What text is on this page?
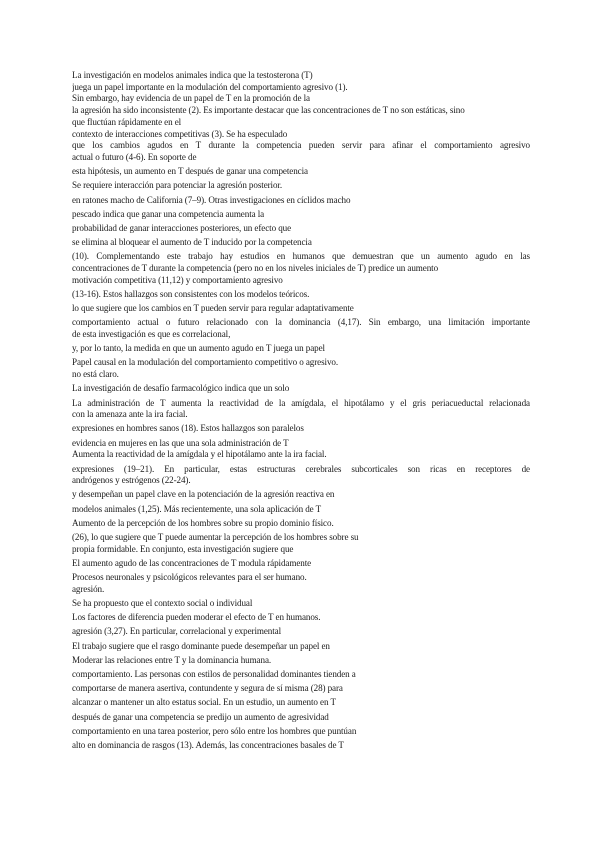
La investigación en modelos animales indica que la testosterona (T)

juega un papel importante en la modulación del comportamiento agresivo (1).

Sin embargo, hay evidencia de un papel de T en la promoción de la

la agresión ha sido inconsistente (2). Es importante destacar que las concentraciones de T no son estáticas, sino

que fluctúan rápidamente en el

contexto de interacciones competitivas (3). Se ha especulado

que los cambios agudos en T durante la competencia pueden servir para afinar el comportamiento agresivo

actual o futuro (4-6). En soporte de

esta hipótesis, un aumento en T después de ganar una competencia

Se requiere interacción para potenciar la agresión posterior.

en ratones macho de California (7–9). Otras investigaciones en cíclidos macho

pescado indica que ganar una competencia aumenta la

probabilidad de ganar interacciones posteriores, un efecto que

se elimina al bloquear el aumento de T inducido por la competencia

(10). Complementando este trabajo hay estudios en humanos que demuestran que un aumento agudo en las

concentraciones de T durante la competencia (pero no en los niveles iniciales de T) predice un aumento

motivación competitiva (11,12) y comportamiento agresivo

(13-16). Estos hallazgos son consistentes con los modelos teóricos.

lo que sugiere que los cambios en T pueden servir para regular adaptativamente

comportamiento actual o futuro relacionado con la dominancia (4,17). Sin embargo, una limitación importante

de esta investigación es que es correlacional,

y, por lo tanto, la medida en que un aumento agudo en T juega un papel

Papel causal en la modulación del comportamiento competitivo o agresivo.

no está claro.

La investigación de desafío farmacológico indica que un solo

La administración de T aumenta la reactividad de la amígdala, el hipotálamo y el gris periacueductal relacionada

con la amenaza ante la ira facial.

expresiones en hombres sanos (18). Estos hallazgos son paralelos

evidencia en mujeres en las que una sola administración de T

Aumenta la reactividad de la amígdala y el hipotálamo ante la ira facial.

expresiones (19–21). En particular, estas estructuras cerebrales subcorticales son ricas en receptores de

andrógenos y estrógenos (22-24).

y desempeñan un papel clave en la potenciación de la agresión reactiva en

modelos animales (1,25). Más recientemente, una sola aplicación de T

Aumento de la percepción de los hombres sobre su propio dominio físico.

(26), lo que sugiere que T puede aumentar la percepción de los hombres sobre su

propia formidable. En conjunto, esta investigación sugiere que

El aumento agudo de las concentraciones de T modula rápidamente

Procesos neuronales y psicológicos relevantes para el ser humano.

agresión.

Se ha propuesto que el contexto social o individual

Los factores de diferencia pueden moderar el efecto de T en humanos.

agresión (3,27). En particular, correlacional y experimental

El trabajo sugiere que el rasgo dominante puede desempeñar un papel en

Moderar las relaciones entre T y la dominancia humana.

comportamiento. Las personas con estilos de personalidad dominantes tienden a

comportarse de manera asertiva, contundente y segura de sí misma (28) para

alcanzar o mantener un alto estatus social. En un estudio, un aumento en T

después de ganar una competencia se predijo un aumento de agresividad

comportamiento en una tarea posterior, pero sólo entre los hombres que puntúan

alto en dominancia de rasgos (13). Además, las concentraciones basales de T
